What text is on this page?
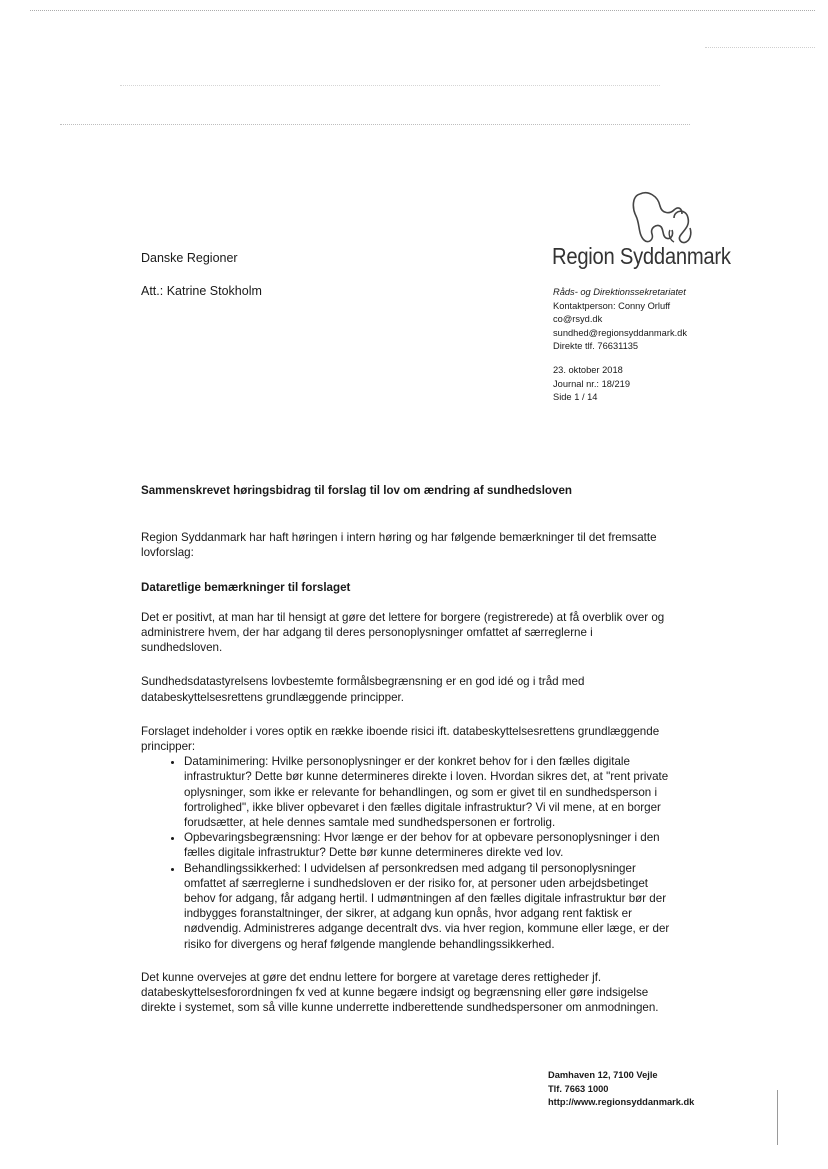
Danske Regioner
Att.: Katrine Stokholm
Region Syddanmark
Råds- og Direktionssekretariatet
Kontaktperson: Conny Orluff
co@rsyd.dk
sundhed@regionsyddanmark.dk
Direkte tlf. 76631135
23. oktober 2018
Journal nr.: 18/219
Side 1 / 14

Sammenskrevet høringsbidrag til forslag til lov om ændring af sundhedsloven

Region Syddanmark har haft høringen i intern høring og har følgende bemærkninger til det fremsatte lovforslag:

Dataretlige bemærkninger til forslaget

Det er positivt, at man har til hensigt at gøre det lettere for borgere (registrerede) at få overblik over og administrere hvem, der har adgang til deres personoplysninger omfattet af særreglerne i sundhedsloven.

Sundhedsdatastyrelsens lovbestemte formålsbegrænsning er en god idé og i tråd med databeskyttelsesrettens grundlæggende principper.

Forslaget indeholder i vores optik en række iboende risici ift. databeskyttelsesrettens grundlæggende principper:

• Dataminimering: Hvilke personoplysninger er der konkret behov for i den fælles digitale infrastruktur? Dette bør kunne determineres direkte i loven. Hvordan sikres det, at "rent private oplysninger, som ikke er relevante for behandlingen, og som er givet til en sundhedsperson i fortrolighed", ikke bliver opbevaret i den fælles digitale infrastruktur? Vi vil mene, at en borger forudsætter, at hele dennes samtale med sundhedspersonen er fortrolig.
• Opbevaringsbegrænsning: Hvor længe er der behov for at opbevare personoplysninger i den fælles digitale infrastruktur? Dette bør kunne determineres direkte ved lov.
• Behandlingssikkerhed: I udvidelsen af personkredsen med adgang til personoplysninger omfattet af særreglerne i sundhedsloven er der risiko for, at personer uden arbejdsbetinget behov for adgang, får adgang hertil. I udmøntningen af den fælles digitale infrastruktur bør der indbygges foranstaltninger, der sikrer, at adgang kun opnås, hvor adgang rent faktisk er nødvendig. Administreres adgange decentralt dvs. via hver region, kommune eller læge, er der risiko for divergens og heraf følgende manglende behandlingssikkerhed.

Det kunne overvejes at gøre det endnu lettere for borgere at varetage deres rettigheder jf. databeskyttelsesforordningen fx ved at kunne begære indsigt og begrænsning eller gøre indsigelse direkte i systemet, som så ville kunne underrette indberettende sundhedspersoner om anmodningen.

Damhaven 12, 7100 Vejle
Tlf. 7663 1000
http://www.regionsyddanmark.dk
